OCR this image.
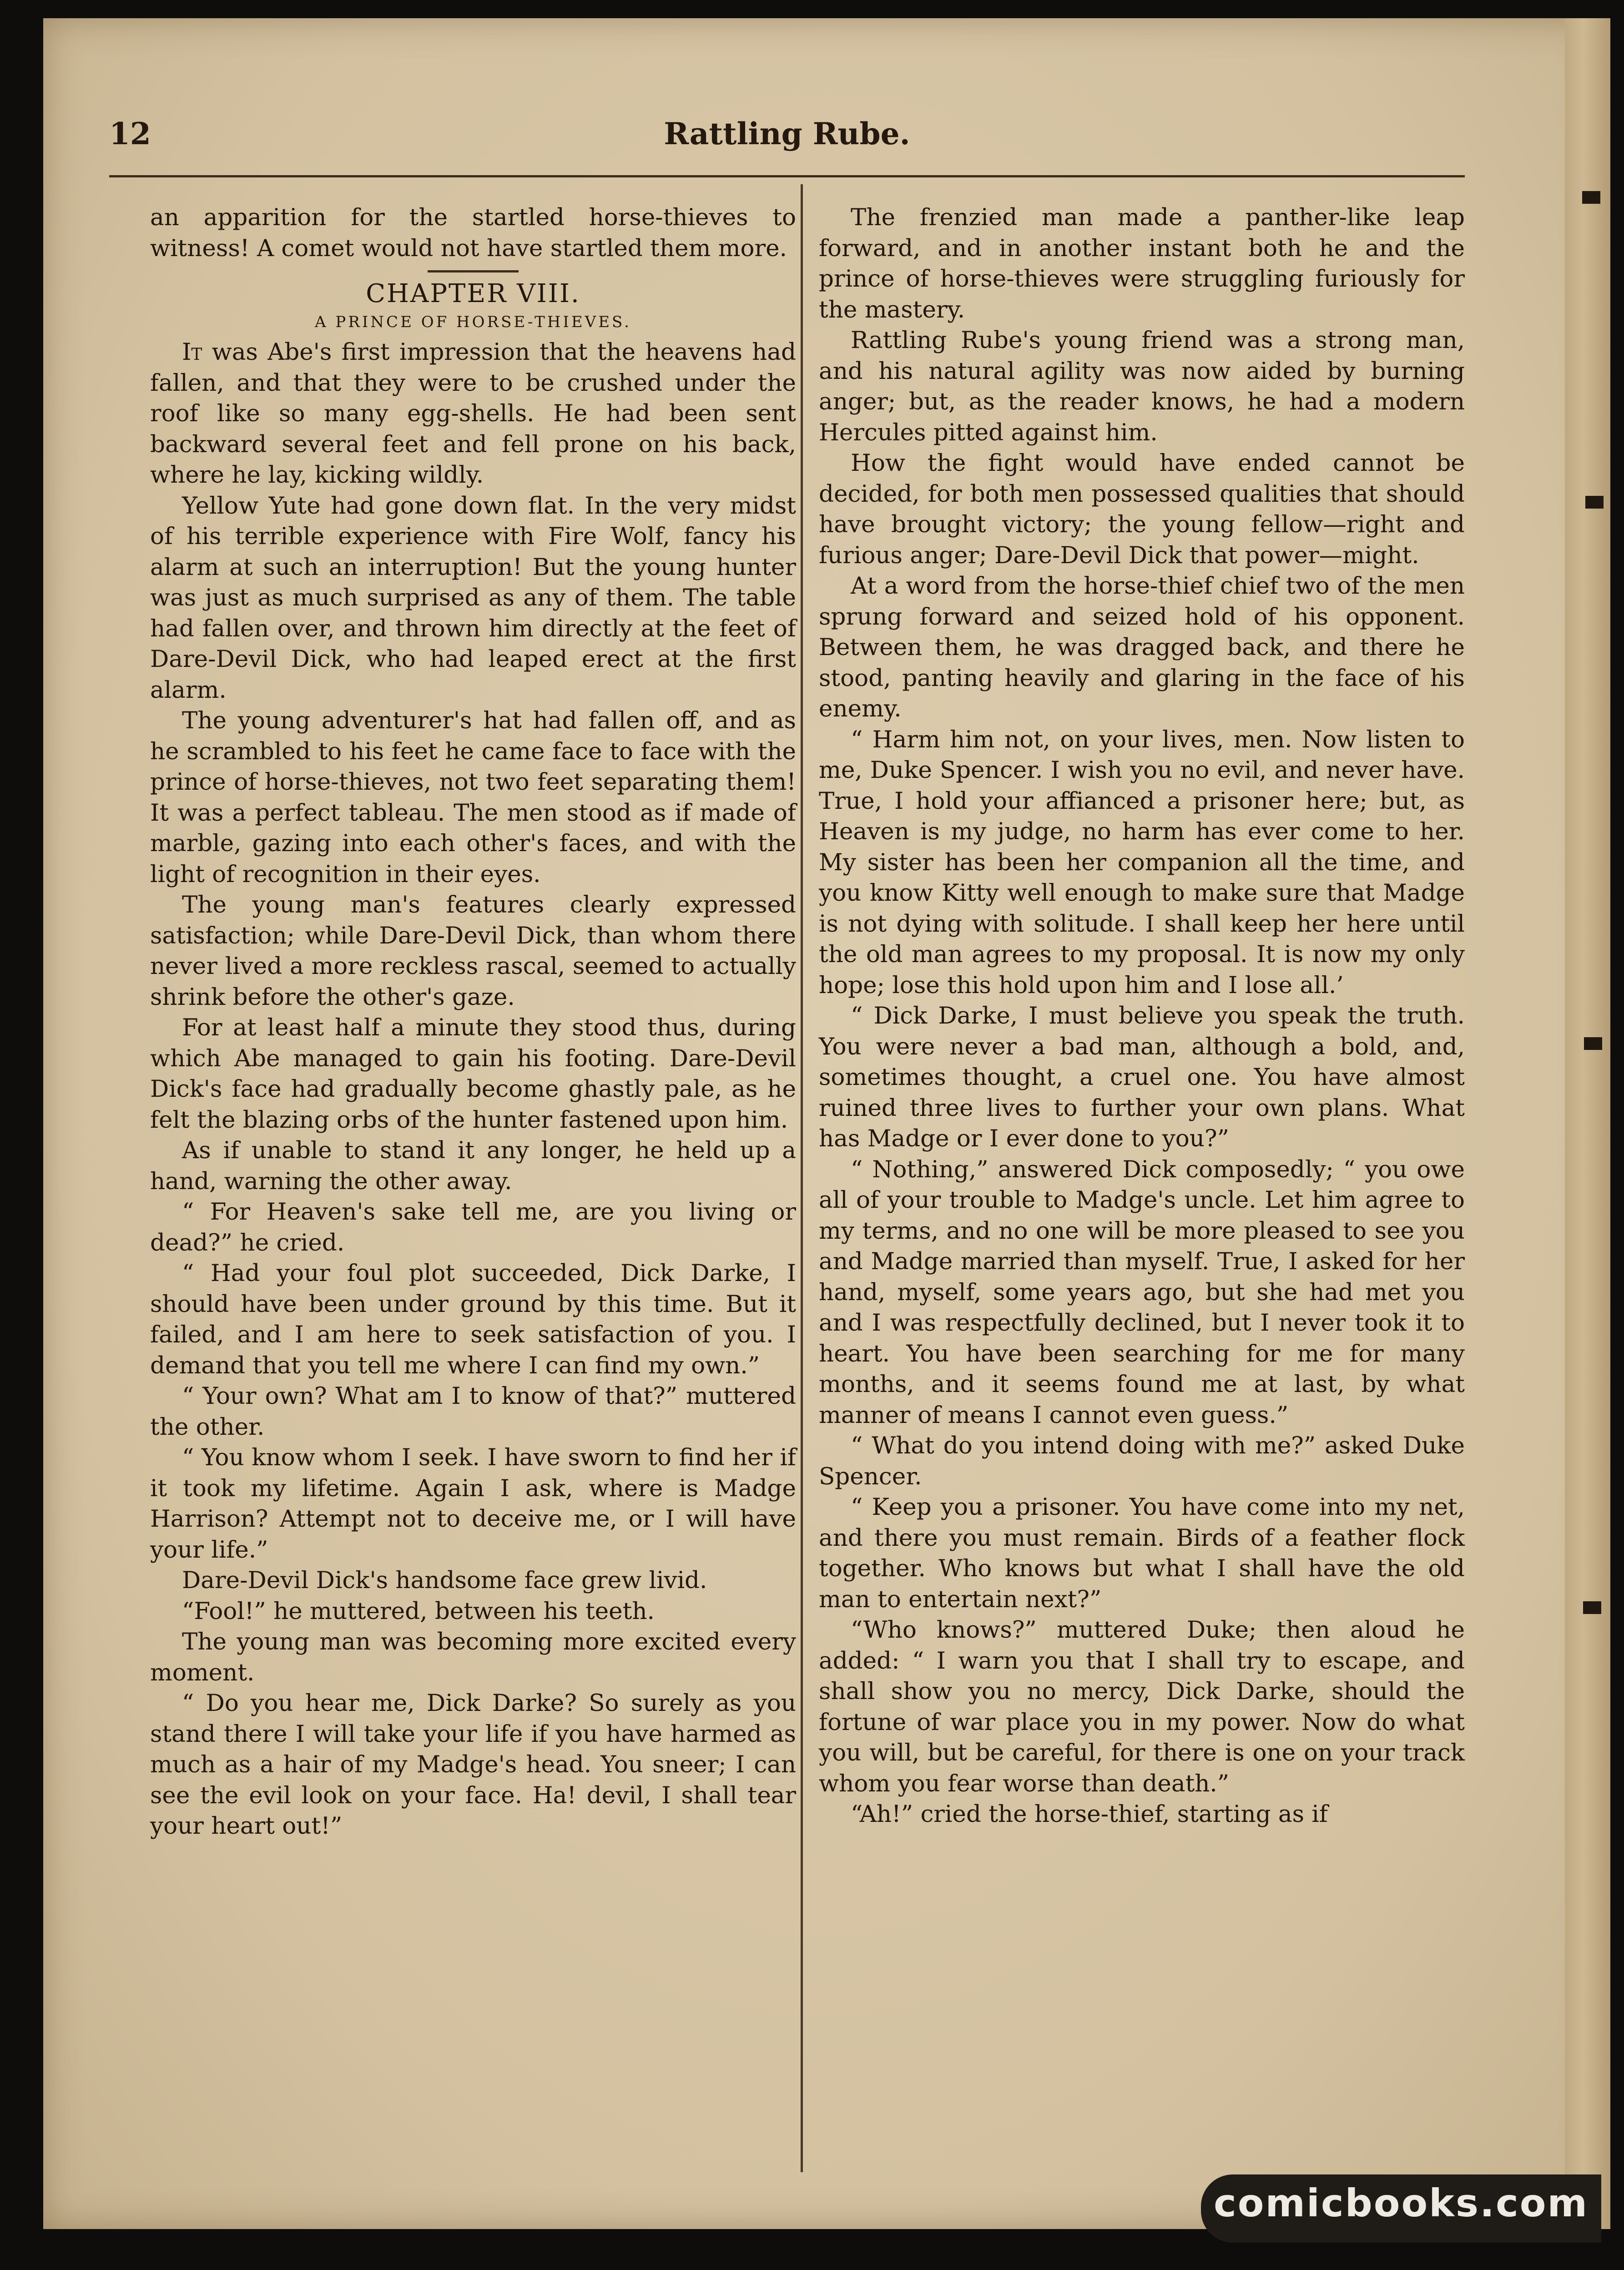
12	Rattling Rube.

an apparition for the startled horse-thieves to witness! A comet would not have startled them more.

CHAPTER VIII.
A PRINCE OF HORSE-THIEVES.

It was Abe's first impression that the heavens had fallen, and that they were to be crushed under the roof like so many egg-shells. He had been sent backward several feet and fell prone on his back, where he lay, kicking wildly.

Yellow Yute had gone down flat. In the very midst of his terrible experience with Fire Wolf, fancy his alarm at such an interruption! But the young hunter was just as much surprised as any of them. The table had fallen over, and thrown him directly at the feet of Dare-Devil Dick, who had leaped erect at the first alarm.

The young adventurer's hat had fallen off, and as he scrambled to his feet he came face to face with the prince of horse-thieves, not two feet separating them! It was a perfect tableau. The men stood as if made of marble, gazing into each other's faces, and with the light of recognition in their eyes.

The young man's features clearly expressed satisfaction; while Dare-Devil Dick, than whom there never lived a more reckless rascal, seemed to actually shrink before the other's gaze.

For at least half a minute they stood thus, during which Abe managed to gain his footing. Dare-Devil Dick's face had gradually become ghastly pale, as he felt the blazing orbs of the hunter fastened upon him.

As if unable to stand it any longer, he held up a hand, warning the other away.

“ For Heaven's sake tell me, are you living or dead?” he cried.

“ Had your foul plot succeeded, Dick Darke, I should have been under ground by this time. But it failed, and I am here to seek satisfaction of you. I demand that you tell me where I can find my own.”

“ Your own? What am I to know of that?” muttered the other.

“ You know whom I seek. I have sworn to find her if it took my lifetime. Again I ask, where is Madge Harrison? Attempt not to deceive me, or I will have your life.”

Dare-Devil Dick's handsome face grew livid.

“Fool!” he muttered, between his teeth.

The young man was becoming more excited every moment.

“ Do you hear me, Dick Darke? So surely as you stand there I will take your life if you have harmed as much as a hair of my Madge's head. You sneer; I can see the evil look on your face. Ha! devil, I shall tear your heart out!”

The frenzied man made a panther-like leap forward, and in another instant both he and the prince of horse-thieves were struggling furiously for the mastery.

Rattling Rube's young friend was a strong man, and his natural agility was now aided by burning anger; but, as the reader knows, he had a modern Hercules pitted against him.

How the fight would have ended cannot be decided, for both men possessed qualities that should have brought victory; the young fellow—right and furious anger; Dare-Devil Dick that power—might.

At a word from the horse-thief chief two of the men sprung forward and seized hold of his opponent. Between them, he was dragged back, and there he stood, panting heavily and glaring in the face of his enemy.

“ Harm him not, on your lives, men. Now listen to me, Duke Spencer. I wish you no evil, and never have. True, I hold your affianced a prisoner here; but, as Heaven is my judge, no harm has ever come to her. My sister has been her companion all the time, and you know Kitty well enough to make sure that Madge is not dying with solitude. I shall keep her here until the old man agrees to my proposal. It is now my only hope; lose this hold upon him and I lose all.’

“ Dick Darke, I must believe you speak the truth. You were never a bad man, although a bold, and, sometimes thought, a cruel one. You have almost ruined three lives to further your own plans. What has Madge or I ever done to you?”

“ Nothing,” answered Dick composedly; “ you owe all of your trouble to Madge's uncle. Let him agree to my terms, and no one will be more pleased to see you and Madge married than myself. True, I asked for her hand, myself, some years ago, but she had met you and I was respectfully declined, but I never took it to heart. You have been searching for me for many months, and it seems found me at last, by what manner of means I cannot even guess.”

“ What do you intend doing with me?” asked Duke Spencer.

“ Keep you a prisoner. You have come into my net, and there you must remain. Birds of a feather flock together. Who knows but what I shall have the old man to entertain next?”

“Who knows?” muttered Duke; then aloud he added: “ I warn you that I shall try to escape, and shall show you no mercy, Dick Darke, should the fortune of war place you in my power. Now do what you will, but be careful, for there is one on your track whom you fear worse than death.”

“Ah!” cried the horse-thief, starting as if

comicbooks.com
